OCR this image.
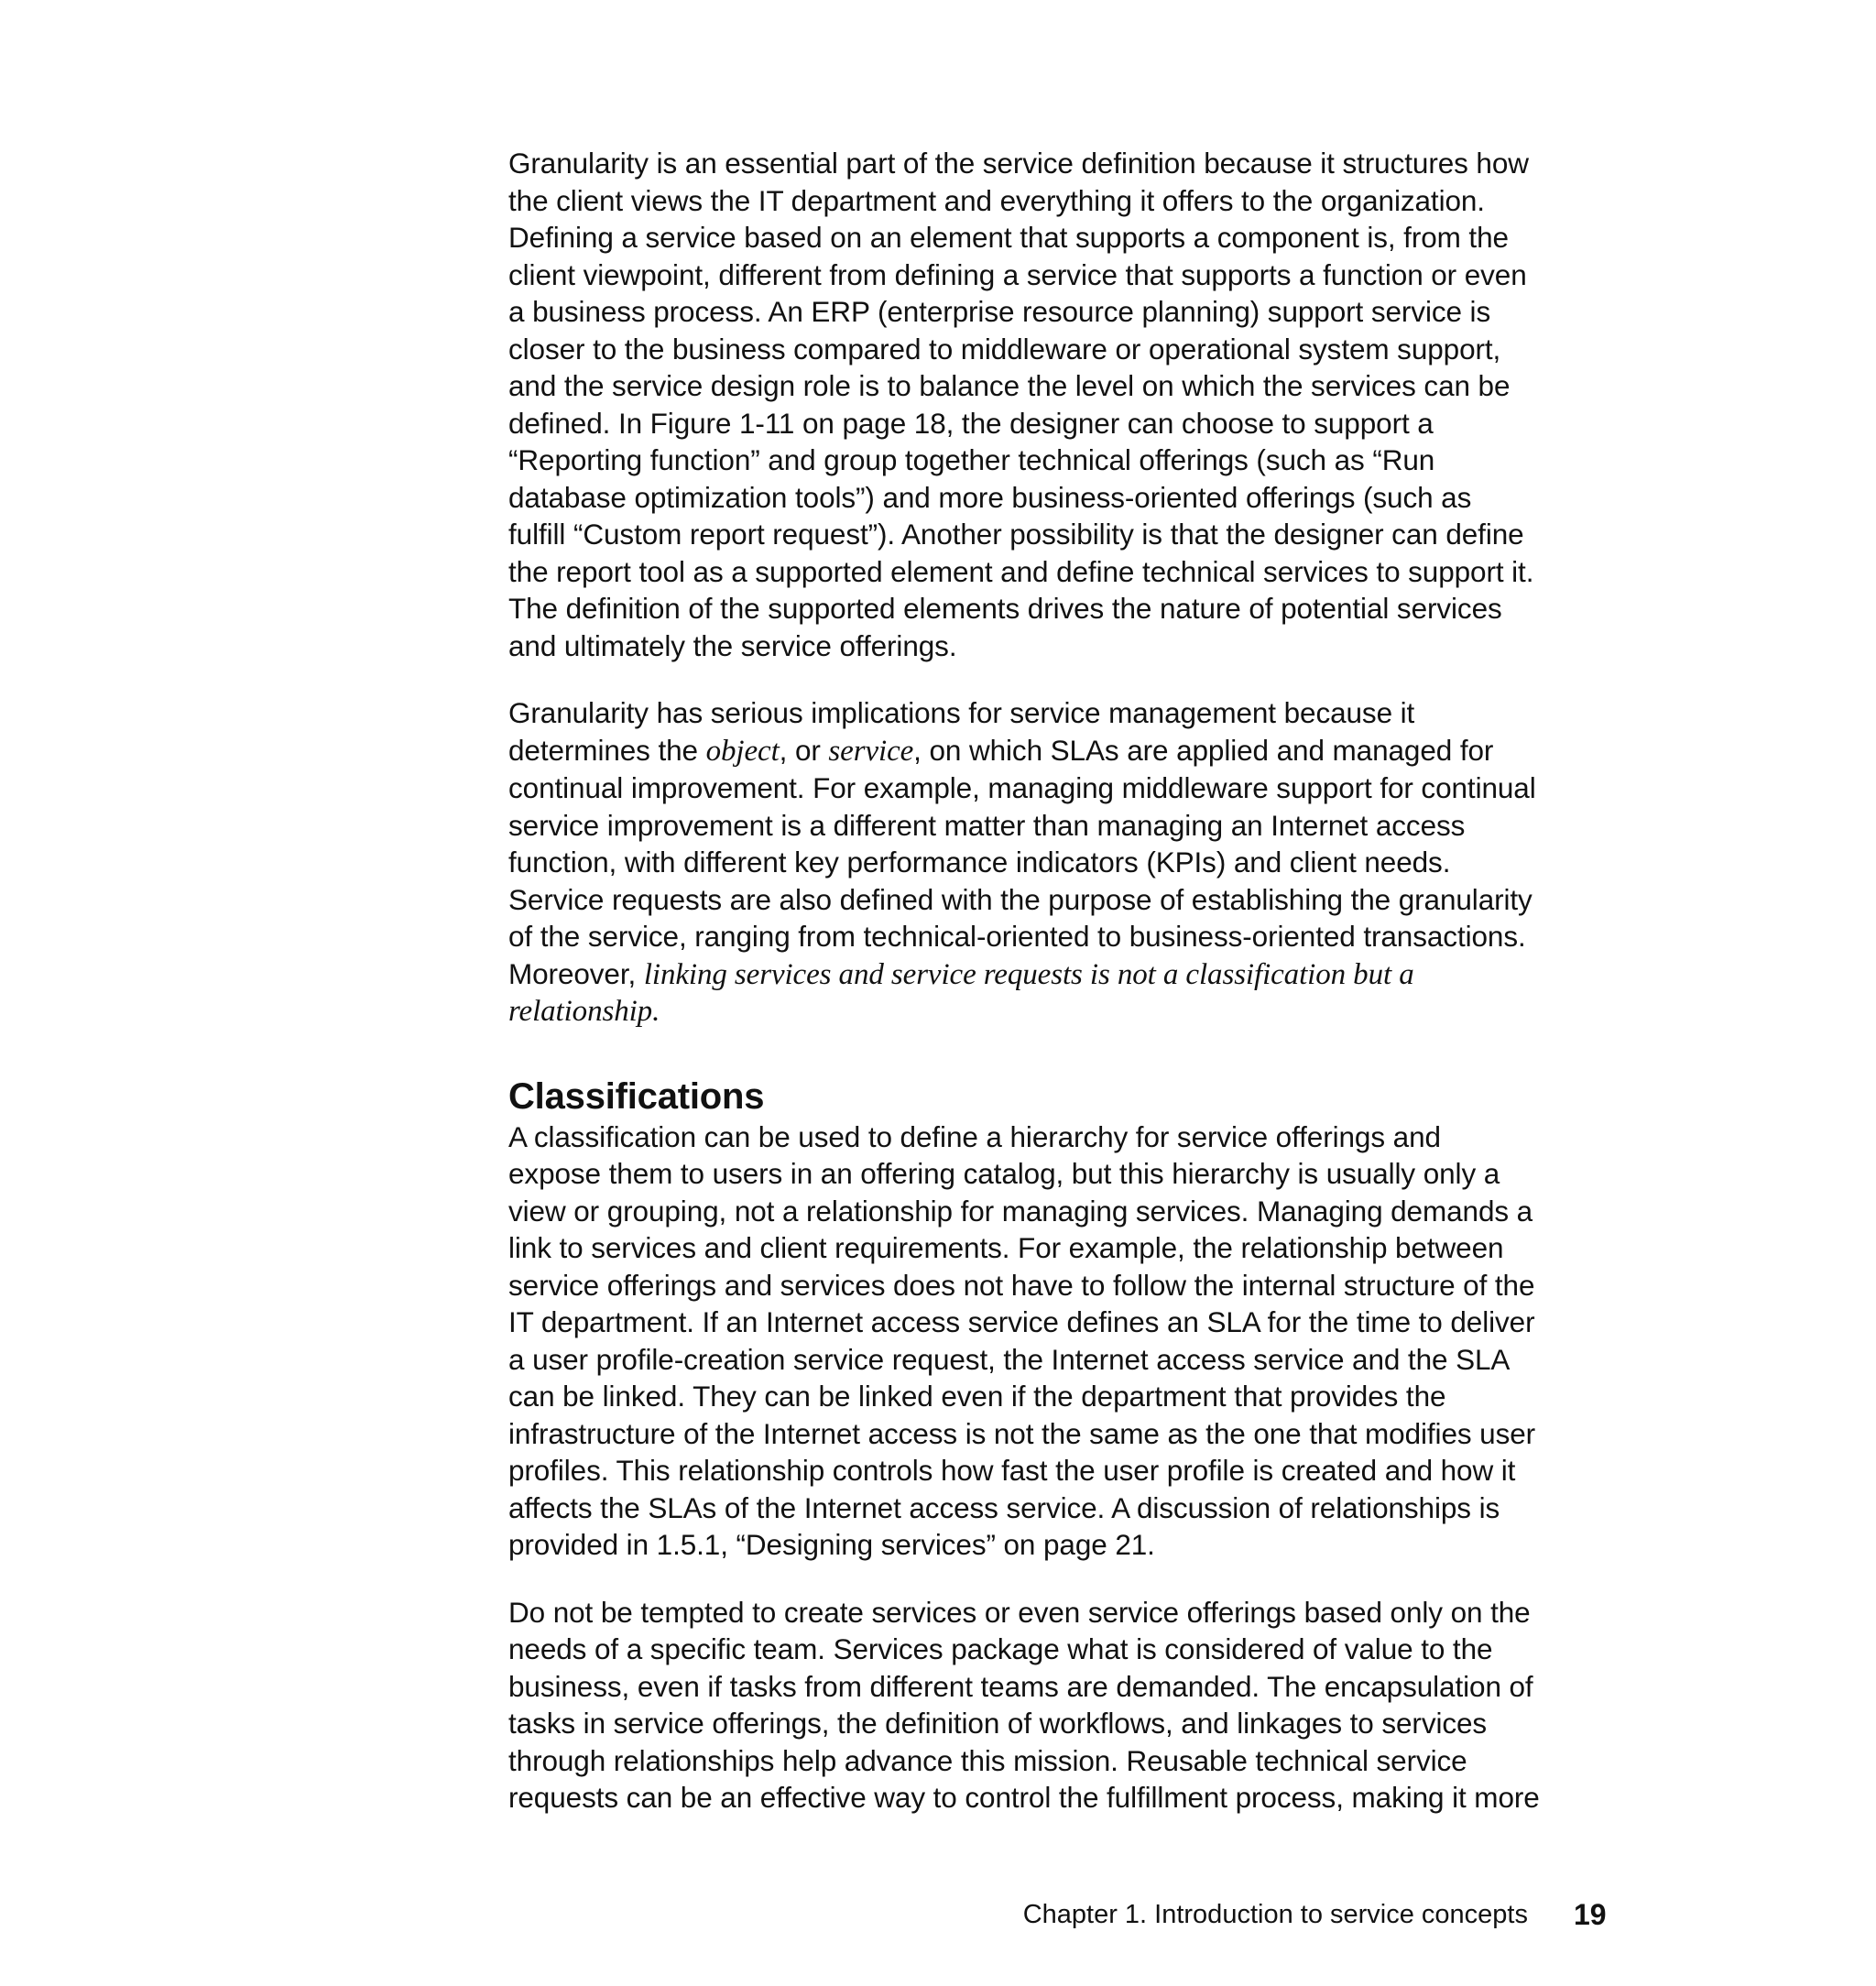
Granularity is an essential part of the service definition because it structures how
the client views the IT department and everything it offers to the organization.
Defining a service based on an element that supports a component is, from the
client viewpoint, different from defining a service that supports a function or even
a business process. An ERP (enterprise resource planning) support service is
closer to the business compared to middleware or operational system support,
and the service design role is to balance the level on which the services can be
defined. In Figure 1-11 on page 18, the designer can choose to support a
“Reporting function” and group together technical offerings (such as “Run
database optimization tools”) and more business-oriented offerings (such as
fulfill “Custom report request”). Another possibility is that the designer can define
the report tool as a supported element and define technical services to support it.
The definition of the supported elements drives the nature of potential services
and ultimately the service offerings.

Granularity has serious implications for service management because it
determines the object, or service, on which SLAs are applied and managed for
continual improvement. For example, managing middleware support for continual
service improvement is a different matter than managing an Internet access
function, with different key performance indicators (KPIs) and client needs.
Service requests are also defined with the purpose of establishing the granularity
of the service, ranging from technical-oriented to business-oriented transactions.
Moreover, linking services and service requests is not a classification but a
relationship.

Classifications

A classification can be used to define a hierarchy for service offerings and
expose them to users in an offering catalog, but this hierarchy is usually only a
view or grouping, not a relationship for managing services. Managing demands a
link to services and client requirements. For example, the relationship between
service offerings and services does not have to follow the internal structure of the
IT department. If an Internet access service defines an SLA for the time to deliver
a user profile-creation service request, the Internet access service and the SLA
can be linked. They can be linked even if the department that provides the
infrastructure of the Internet access is not the same as the one that modifies user
profiles. This relationship controls how fast the user profile is created and how it
affects the SLAs of the Internet access service. A discussion of relationships is
provided in 1.5.1, “Designing services” on page 21.

Do not be tempted to create services or even service offerings based only on the
needs of a specific team. Services package what is considered of value to the
business, even if tasks from different teams are demanded. The encapsulation of
tasks in service offerings, the definition of workflows, and linkages to services
through relationships help advance this mission. Reusable technical service
requests can be an effective way to control the fulfillment process, making it more

Chapter 1. Introduction to service concepts 19
